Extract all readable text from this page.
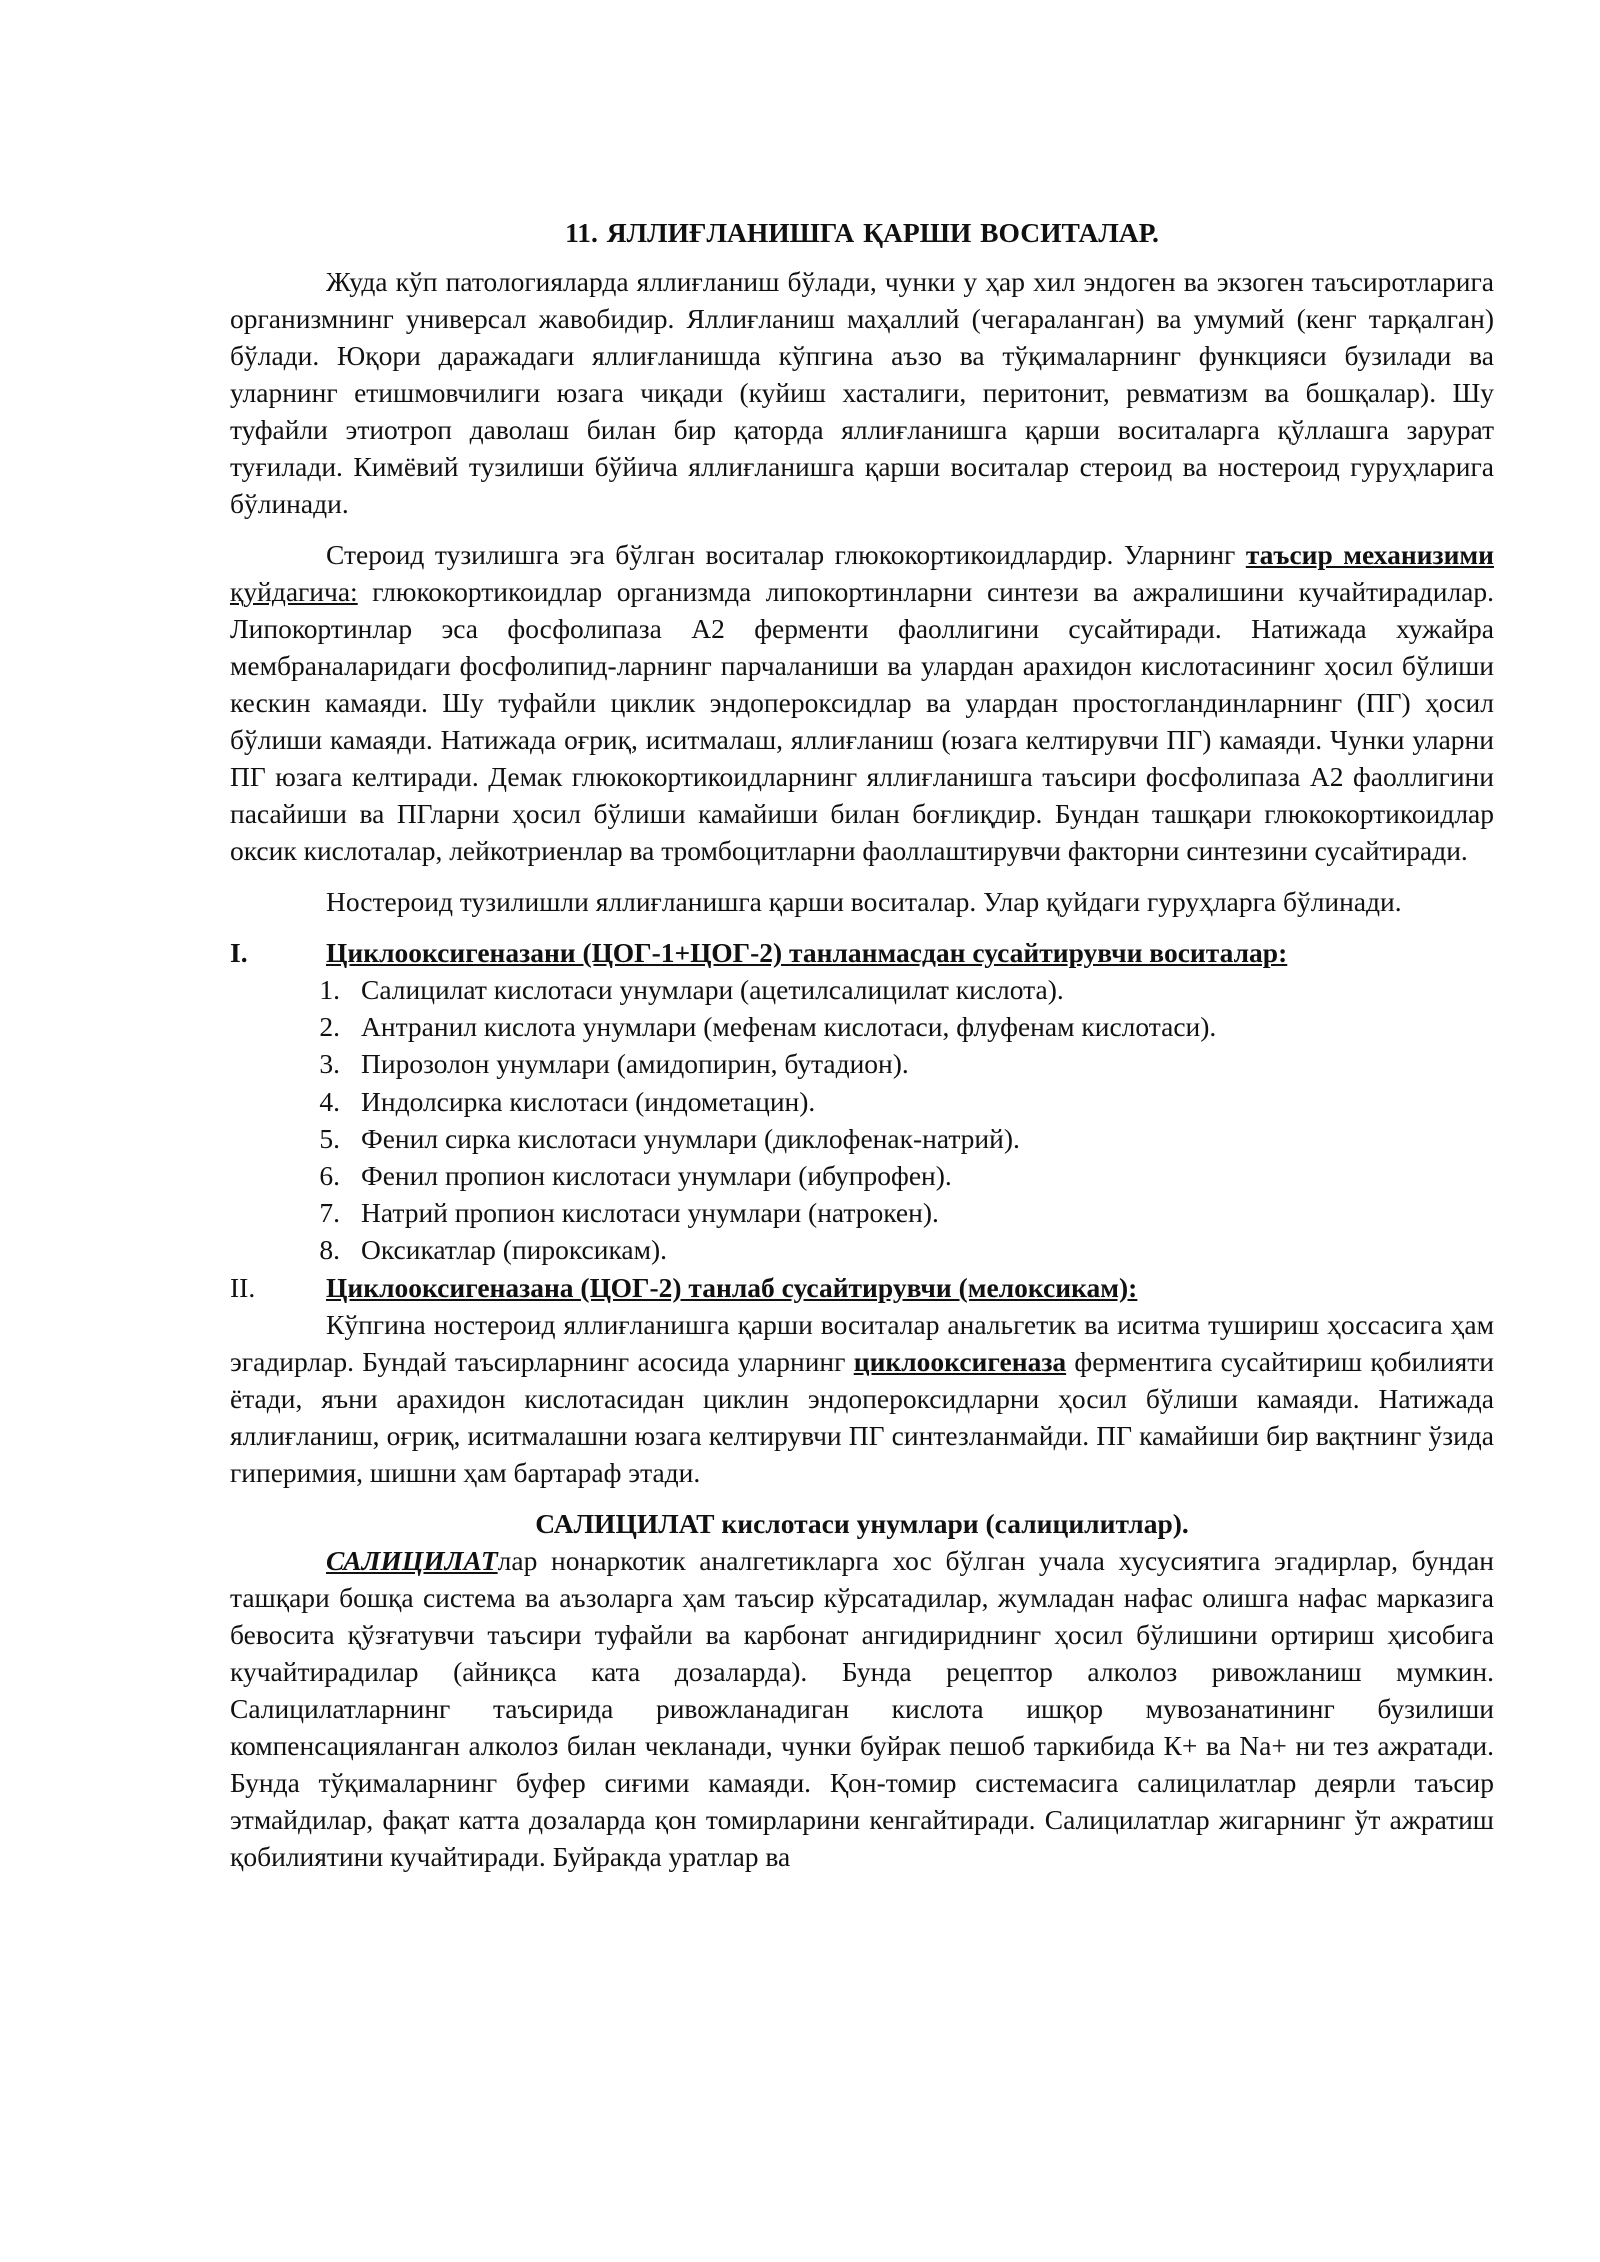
11. ЯЛЛИҒЛАНИШГА ҚАРШИ ВОСИТАЛАР.

Жуда кўп патологияларда яллиғланиш бўлади, чунки у ҳар хил эндоген ва экзоген таъсиротларига организмнинг универсал жавобидир. Яллиғланиш маҳаллий (чегараланган) ва умумий (кенг тарқалган) бўлади. Юқори даражадаги яллиғланишда кўпгина аъзо ва тўқималарнинг функцияси бузилади ва уларнинг етишмовчилиги юзага чиқади (куйиш хасталиги, перитонит, ревматизм ва бошқалар). Шу туфайли этиотроп даволаш билан бир қаторда яллиғланишга қарши воситаларга қўллашга зарурат туғилади. Кимёвий тузилиши бўйича яллиғланишга қарши воситалар стероид ва ностероид гуруҳларига бўлинади.

Стероид тузилишга эга бўлган воситалар глюкокортикоидлардир. Уларнинг таъсир механизими қуйдагича: глюкокортикоидлар организмда липокортинларни синтези ва ажралишини кучайтирадилар. Липокортинлар эса фосфолипаза А2 ферменти фаоллигини сусайтиради. Натижада хужайра мембраналаридаги фосфолипид-ларнинг парчаланиши ва улардан арахидон кислотасининг ҳосил бўлиши кескин камаяди. Шу туфайли циклик эндопероксидлар ва улардан простогландинларнинг (ПГ) ҳосил бўлиши камаяди. Натижада оғриқ, иситмалаш, яллиғланиш (юзага келтирувчи ПГ) камаяди. Чунки уларни ПГ юзага келтиради. Демак глюкокортикоидларнинг яллиғланишга таъсири фосфолипаза А2 фаоллигини пасайиши ва ПГларни ҳосил бўлиши камайиши билан боғлиқдир. Бундан ташқари глюкокортикоидлар оксик кислоталар, лейкотриенлар ва тромбоцитларни фаоллаштирувчи факторни синтезини сусайтиради.

Ностероид тузилишли яллиғланишга қарши воситалар. Улар қуйдаги гуруҳларга бўлинади.

I.	Циклооксигеназани (ЦОГ-1+ЦОГ-2) танланмасдан сусайтирувчи воситалар:
1. Салицилат кислотаси унумлари (ацетилсалицилат кислота).
2. Антранил кислота унумлари (мефенам кислотаси, флуфенам кислотаси).
3. Пирозолон унумлари (амидопирин, бутадион).
4. Индолсирка кислотаси (индометацин).
5. Фенил сирка кислотаси унумлари (диклофенак-натрий).
6. Фенил пропион кислотаси унумлари (ибупрофен).
7. Натрий пропион кислотаси унумлари (натрокен).
8. Оксикатлар (пироксикам).
II.	Циклооксигеназана (ЦОГ-2) танлаб сусайтирувчи (мелоксикам):

Кўпгина ностероид яллиғланишга қарши воситалар анальгетик ва иситма тушириш ҳоссасига ҳам эгадирлар. Бундай таъсирларнинг асосида уларнинг циклооксигеназа ферментига сусайтириш қобилияти ётади, яъни арахидон кислотасидан циклин эндопероксидларни ҳосил бўлиши камаяди. Натижада яллиғланиш, оғриқ, иситмалашни юзага келтирувчи ПГ синтезланмайди. ПГ камайиши бир вақтнинг ўзида гиперимия, шишни ҳам бартараф этади.

САЛИЦИЛАТ кислотаси унумлари (салицилитлар).

САЛИЦИЛАТлар нонаркотик аналгетикларга хос бўлган учала хусусиятига эгадирлар, бундан ташқари бошқа система ва аъзоларга ҳам таъсир кўрсатадилар, жумладан нафас олишга нафас марказига бевосита қўзғатувчи таъсири туфайли ва карбонат ангидириднинг ҳосил бўлишини ортириш ҳисобига кучайтирадилар (айниқса ката дозаларда). Бунда рецептор алколоз ривожланиш мумкин. Салицилатларнинг таъсирида ривожланадиган кислота ишқор мувозанатининг бузилиши компенсацияланган алколоз билан чекланади, чунки буйрак пешоб таркибида К+ ва Na+ ни тез ажратади. Бунда тўқималарнинг буфер сиғими камаяди. Қон-томир системасига салицилатлар деярли таъсир этмайдилар, фақат катта дозаларда қон томирларини кенгайтиради. Салицилатлар жигарнинг ўт ажратиш қобилиятини кучайтиради. Буйракда уратлар ва
